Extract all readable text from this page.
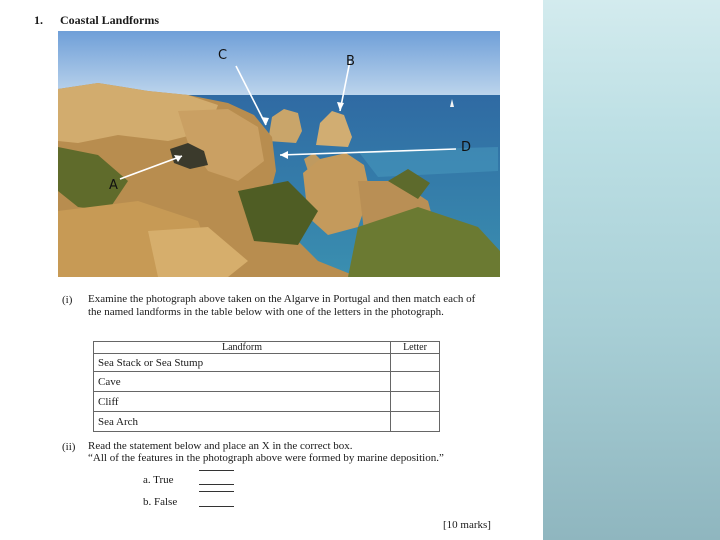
1. Coastal Landforms
C	B
D
A
(i) Examine the photograph above taken on the Algarve in Portugal and then match each of the named landforms in the table below with one of the letters in the photograph.
Landform	Letter
Sea Stack or Sea Stump	
Cave	
Cliff	
Sea Arch	
(ii) Read the statement below and place an X in the correct box.
“All of the features in the photograph above were formed by marine deposition.”
a. True
b. False
[10 marks]
